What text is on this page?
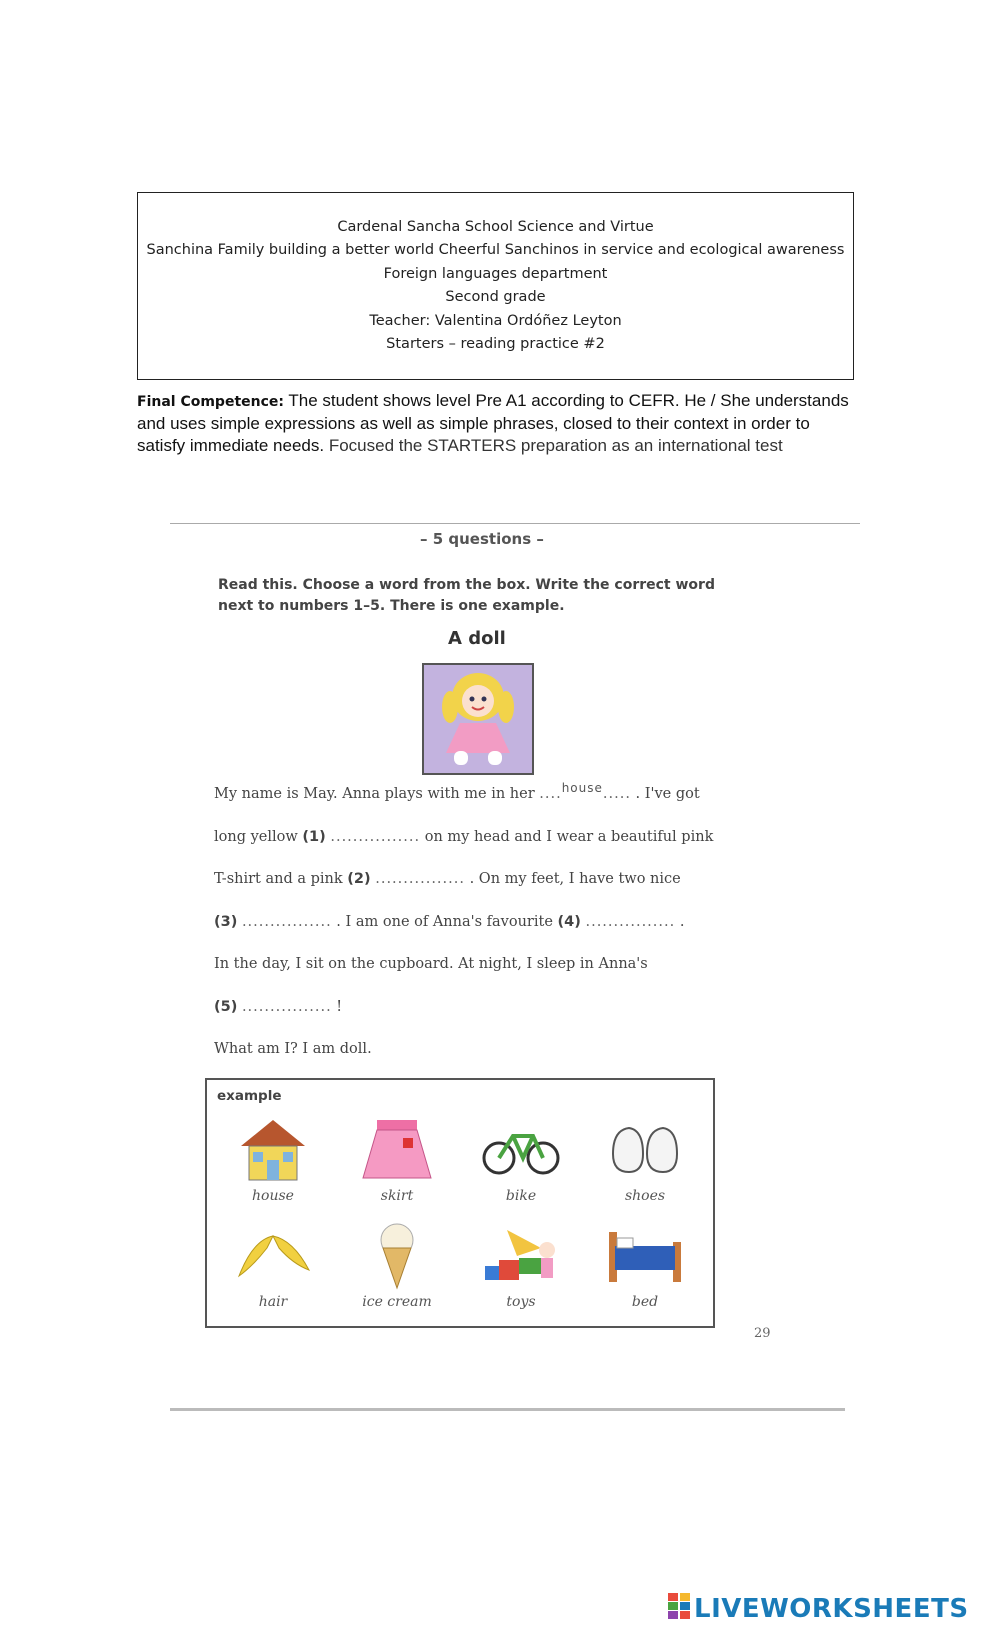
Cardenal Sancha School Science and Virtue
Sanchina Family building a better world Cheerful Sanchinos in service and ecological awareness
Foreign languages department
Second grade
Teacher: Valentina Ordóñez Leyton
Starters – reading practice #2
Final Competence: The student shows level Pre A1 according to CEFR. He / She understands and uses simple expressions as well as simple phrases, closed to their context in order to satisfy immediate needs. Focused the STARTERS preparation as an international test
– 5 questions –
Read this. Choose a word from the box. Write the correct word next to numbers 1–5. There is one example.
A doll
My name is May. Anna plays with me in her ....$^{house}$..... . I've got
long yellow (1) ................ on my head and I wear a beautiful pink
T-shirt and a pink (2) ................ . On my feet, I have two nice
(3) ................ . I am one of Anna's favourite (4) ................ .
In the day, I sit on the cupboard. At night, I sleep in Anna's
(5) ................ !
What am I? I am doll.
example
house	skirt	bike	shoes
hair	ice cream	toys	bed
29
LIVEWORKSHEETS
